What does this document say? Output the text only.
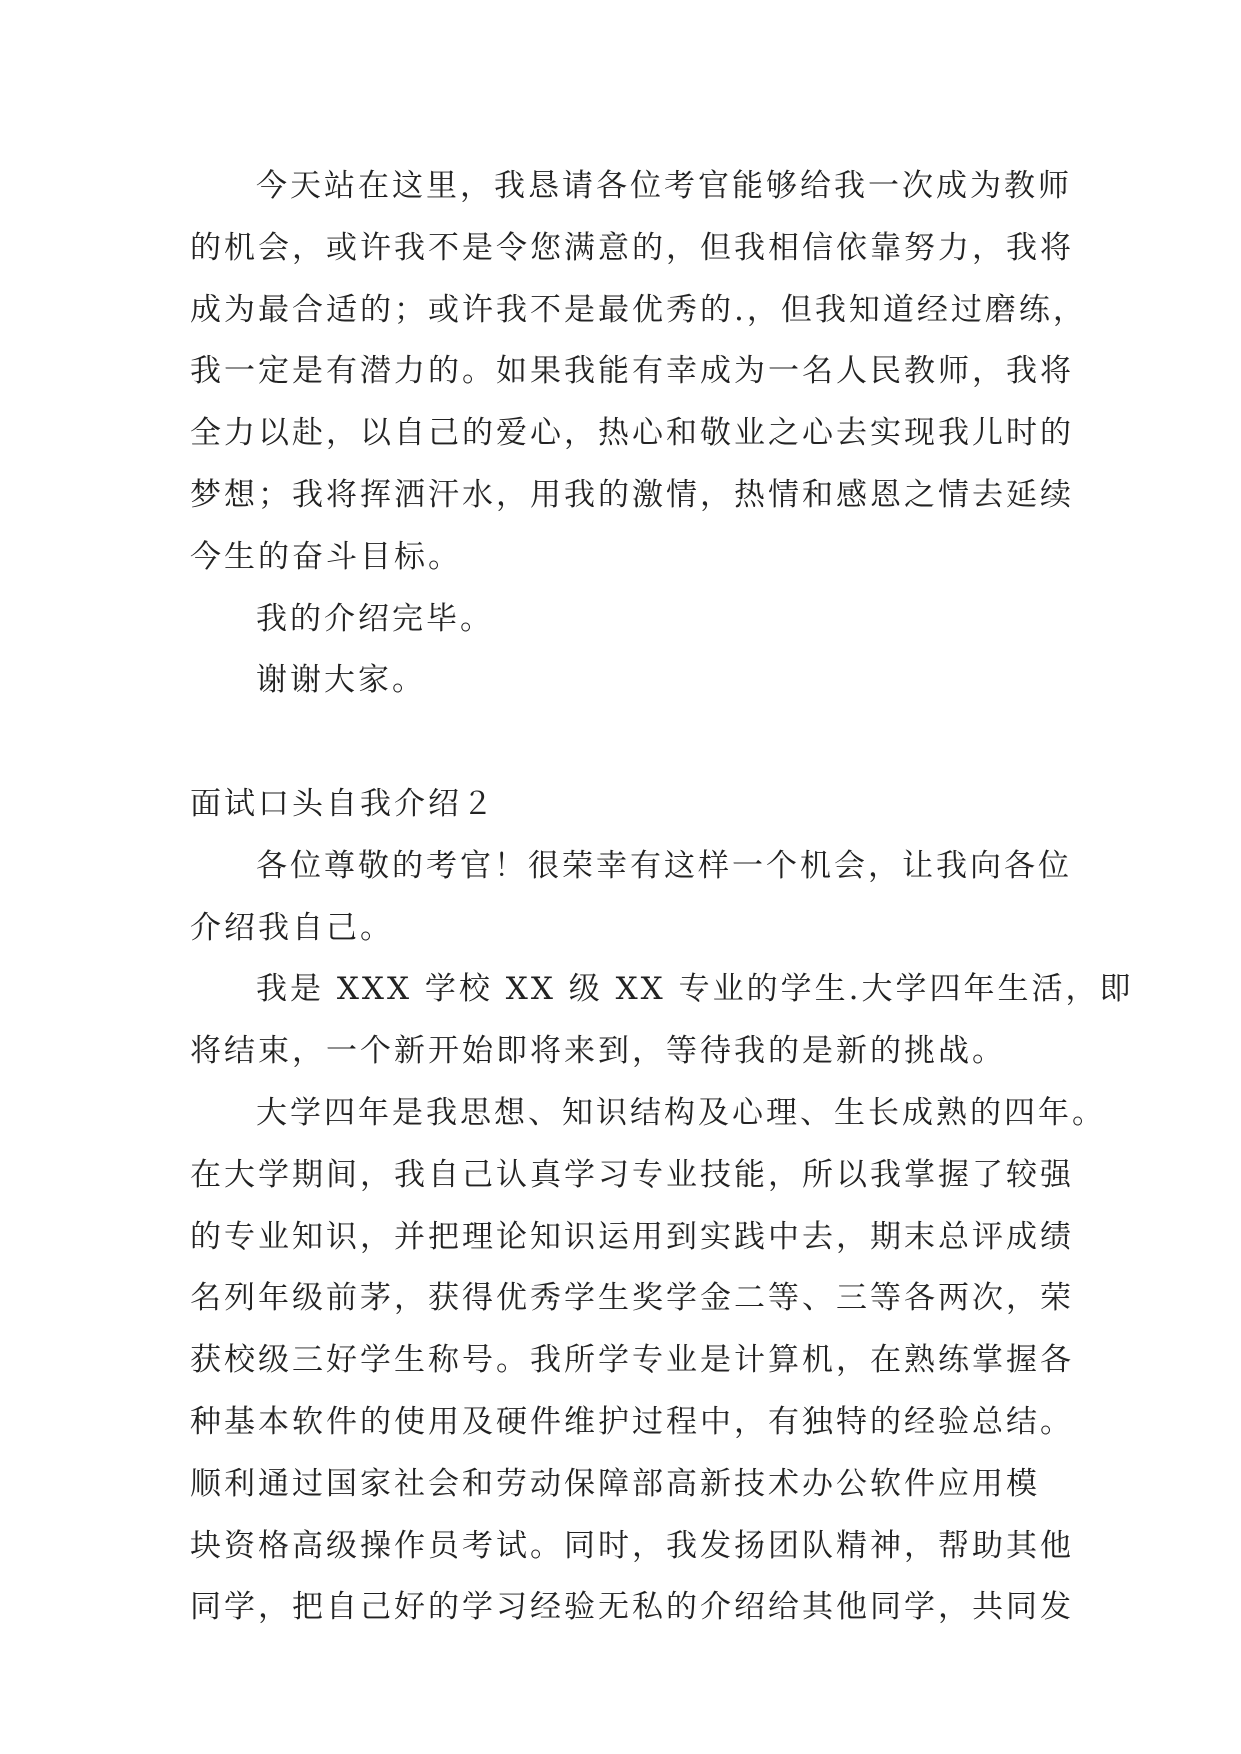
今天站在这里，我恳请各位考官能够给我一次成为教师
的机会，或许我不是令您满意的，但我相信依靠努力，我将
成为最合适的；或许我不是最优秀的.，但我知道经过磨练，
我一定是有潜力的。如果我能有幸成为一名人民教师，我将
全力以赴，以自己的爱心，热心和敬业之心去实现我儿时的
梦想；我将挥洒汗水，用我的激情，热情和感恩之情去延续
今生的奋斗目标。
我的介绍完毕。
谢谢大家。
面试口头自我介绍２
各位尊敬的考官！很荣幸有这样一个机会，让我向各位
介绍我自己。
我是 XXX 学校 XX 级 XX 专业的学生.大学四年生活，即
将结束，一个新开始即将来到，等待我的是新的挑战。
大学四年是我思想、知识结构及心理、生长成熟的四年。
在大学期间，我自己认真学习专业技能，所以我掌握了较强
的专业知识，并把理论知识运用到实践中去，期末总评成绩
名列年级前茅，获得优秀学生奖学金二等、三等各两次，荣
获校级三好学生称号。我所学专业是计算机，在熟练掌握各
种基本软件的使用及硬件维护过程中，有独特的经验总结。
顺利通过国家社会和劳动保障部高新技术办公软件应用模
块资格高级操作员考试。同时，我发扬团队精神，帮助其他
同学，把自己好的学习经验无私的介绍给其他同学，共同发
